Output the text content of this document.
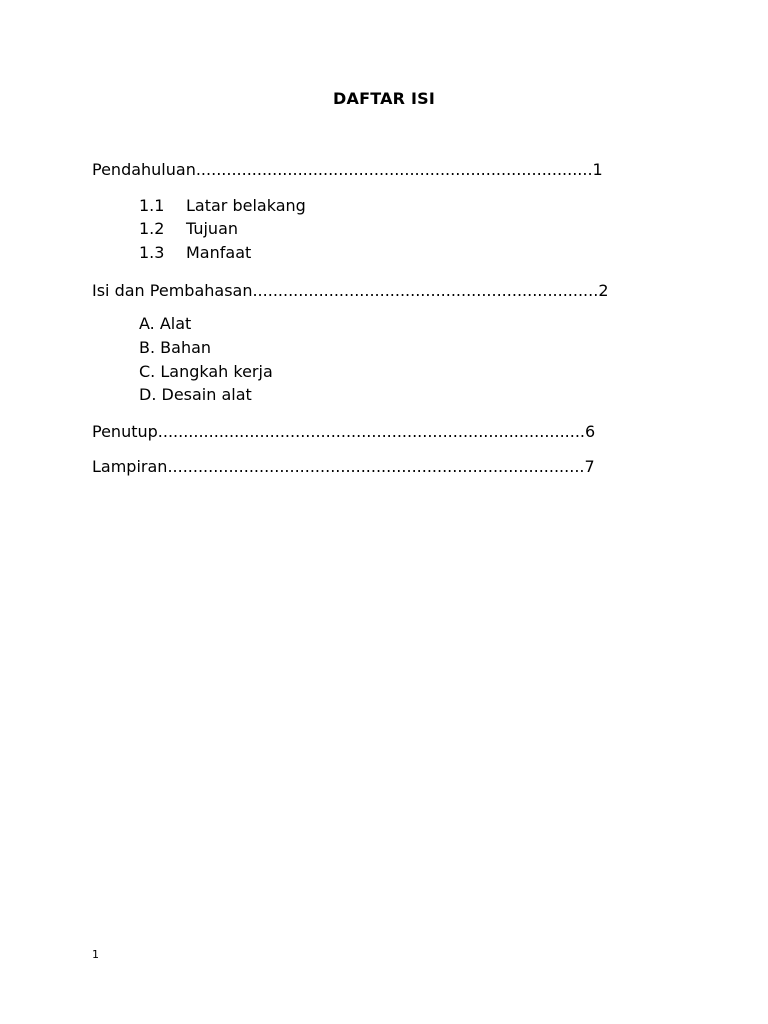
DAFTAR ISI
Pendahuluan..............................................................................1
1.1 Latar belakang
1.2 Tujuan
1.3 Manfaat
Isi dan Pembahasan....................................................................2
A. Alat
B. Bahan
C. Langkah kerja
D. Desain alat
Penutup....................................................................................6
Lampiran..................................................................................7
1
